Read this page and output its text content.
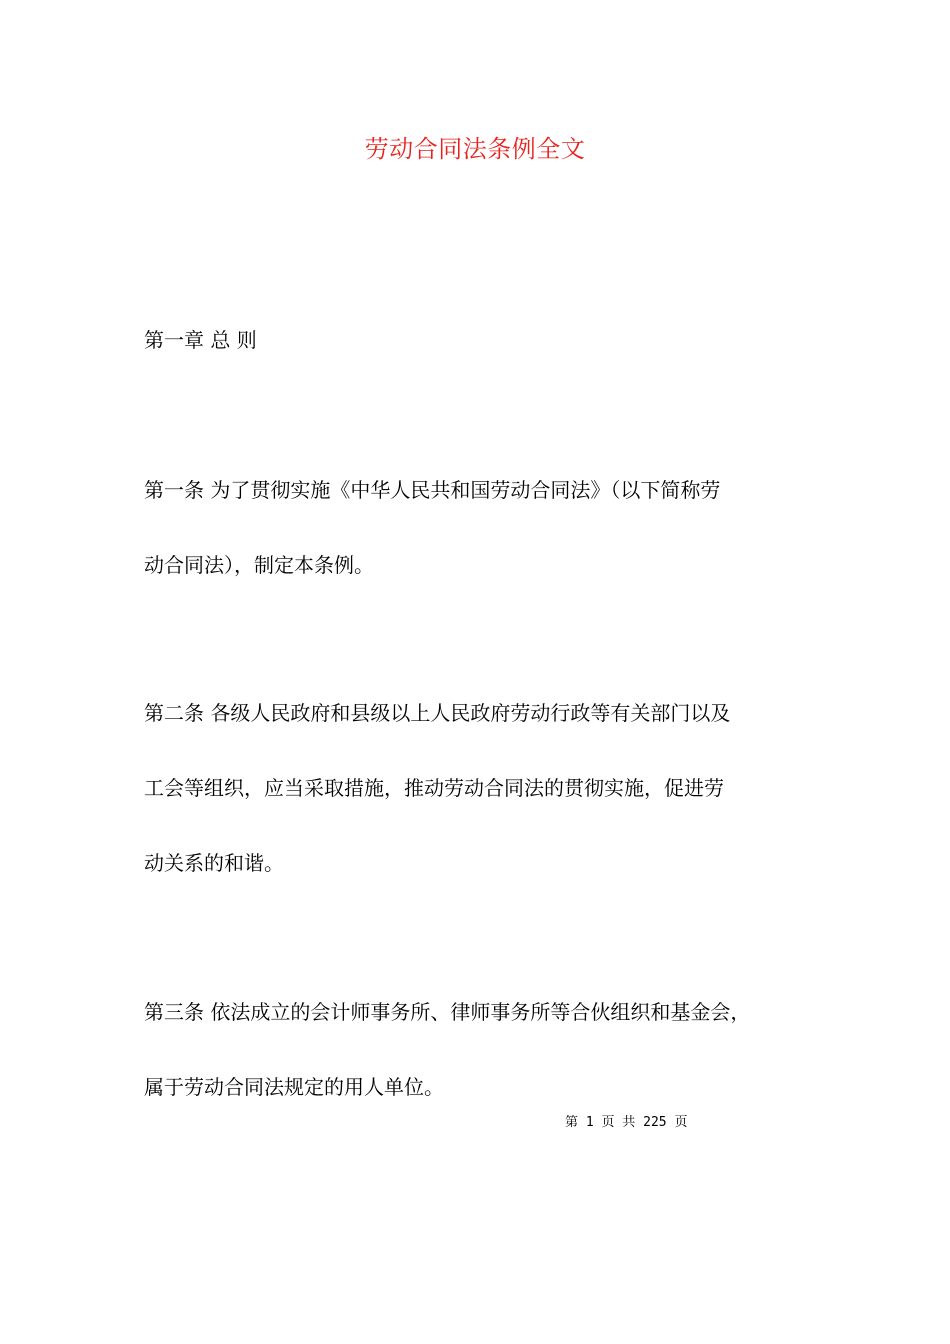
劳动合同法条例全文
第一章 总 则
第一条 为了贯彻实施《中华人民共和国劳动合同法》（以下简称劳
动合同法），制定本条例。
第二条 各级人民政府和县级以上人民政府劳动行政等有关部门以及
工会等组织，应当采取措施，推动劳动合同法的贯彻实施，促进劳
动关系的和谐。
第三条 依法成立的会计师事务所、律师事务所等合伙组织和基金会，
属于劳动合同法规定的用人单位。
第 1 页 共 225 页
